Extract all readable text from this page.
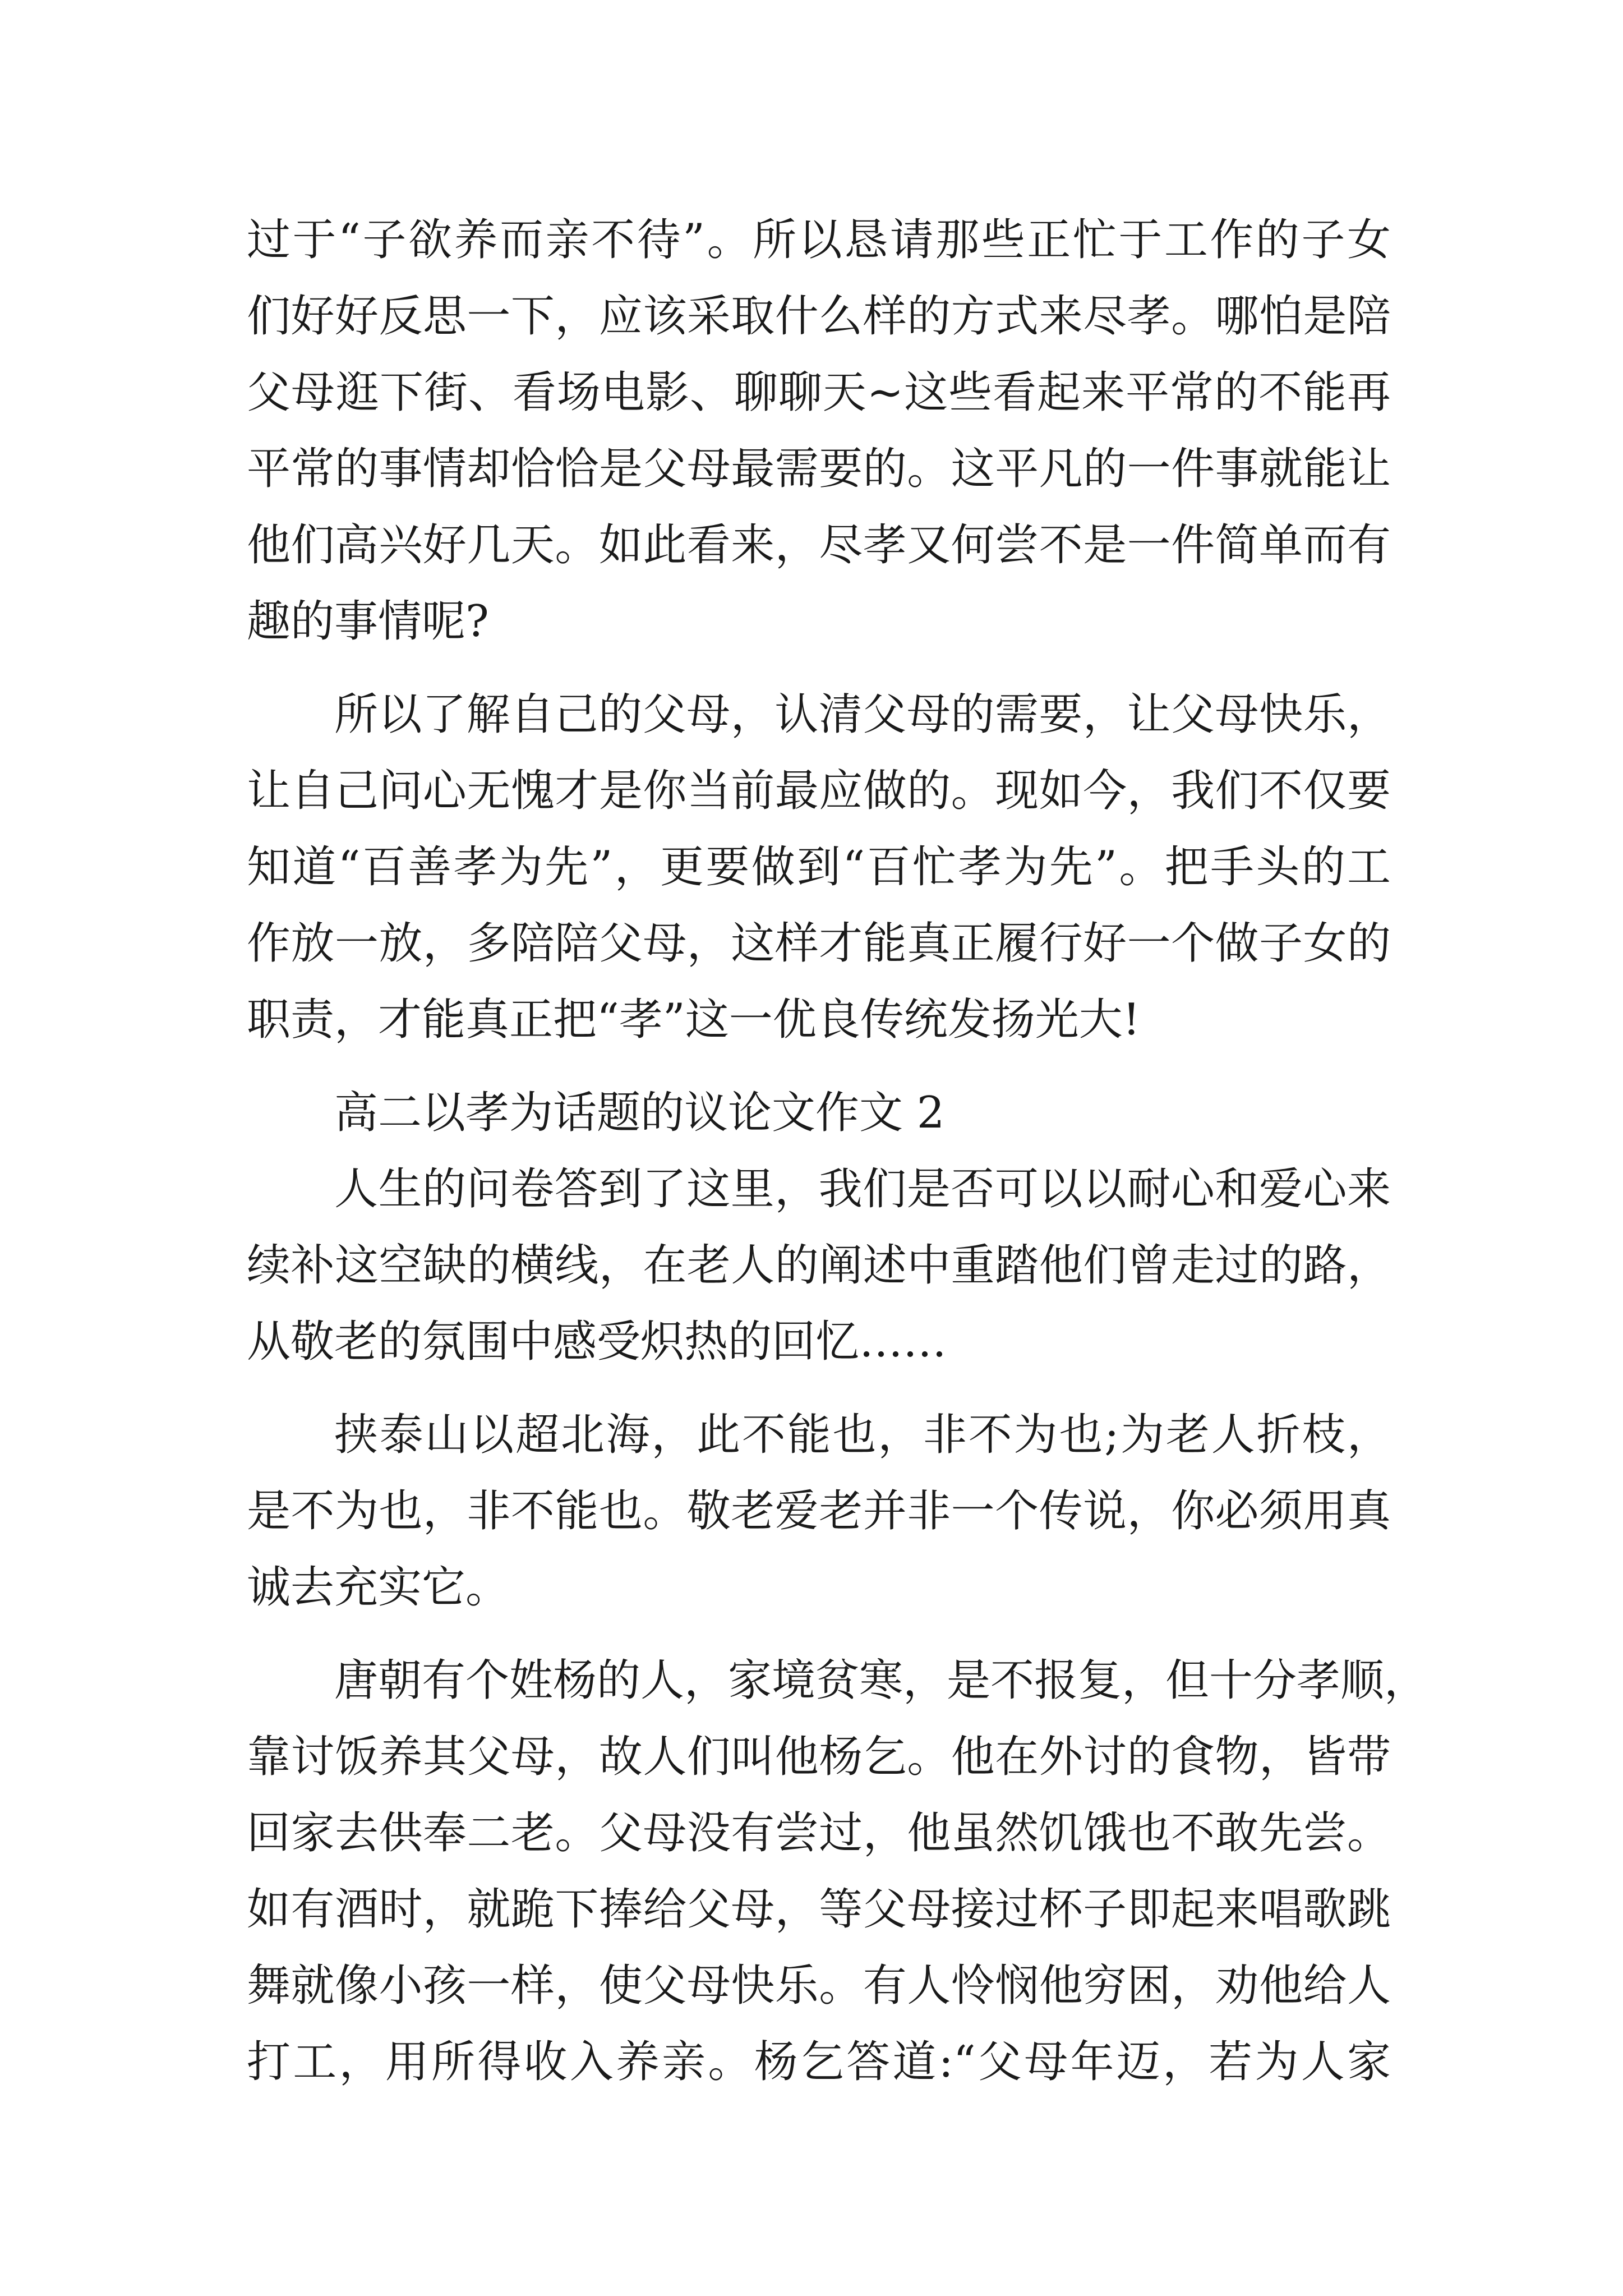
过于“子欲养而亲不待”。所以恳请那些正忙于工作的子女
们好好反思一下，应该采取什么样的方式来尽孝。哪怕是陪
父母逛下街、看场电影、聊聊天~这些看起来平常的不能再
平常的事情却恰恰是父母最需要的。这平凡的一件事就能让
他们高兴好几天。如此看来，尽孝又何尝不是一件简单而有
趣的事情呢?
所以了解自己的父母，认清父母的需要，让父母快乐，
让自己问心无愧才是你当前最应做的。现如今，我们不仅要
知道“百善孝为先”，更要做到“百忙孝为先”。把手头的工
作放一放，多陪陪父母，这样才能真正履行好一个做子女的
职责，才能真正把“孝”这一优良传统发扬光大!
高二以孝为话题的议论文作文 2
人生的问卷答到了这里，我们是否可以以耐心和爱心来
续补这空缺的横线，在老人的阐述中重踏他们曾走过的路，
从敬老的氛围中感受炽热的回忆……
挟泰山以超北海，此不能也，非不为也;为老人折枝，
是不为也，非不能也。敬老爱老并非一个传说，你必须用真
诚去充实它。
唐朝有个姓杨的人，家境贫寒，是不报复，但十分孝顺，
靠讨饭养其父母，故人们叫他杨乞。他在外讨的食物，皆带
回家去供奉二老。父母没有尝过，他虽然饥饿也不敢先尝。
如有酒时，就跪下捧给父母，等父母接过杯子即起来唱歌跳
舞就像小孩一样，使父母快乐。有人怜悯他穷困，劝他给人
打工，用所得收入养亲。杨乞答道:“父母年迈，若为人家
